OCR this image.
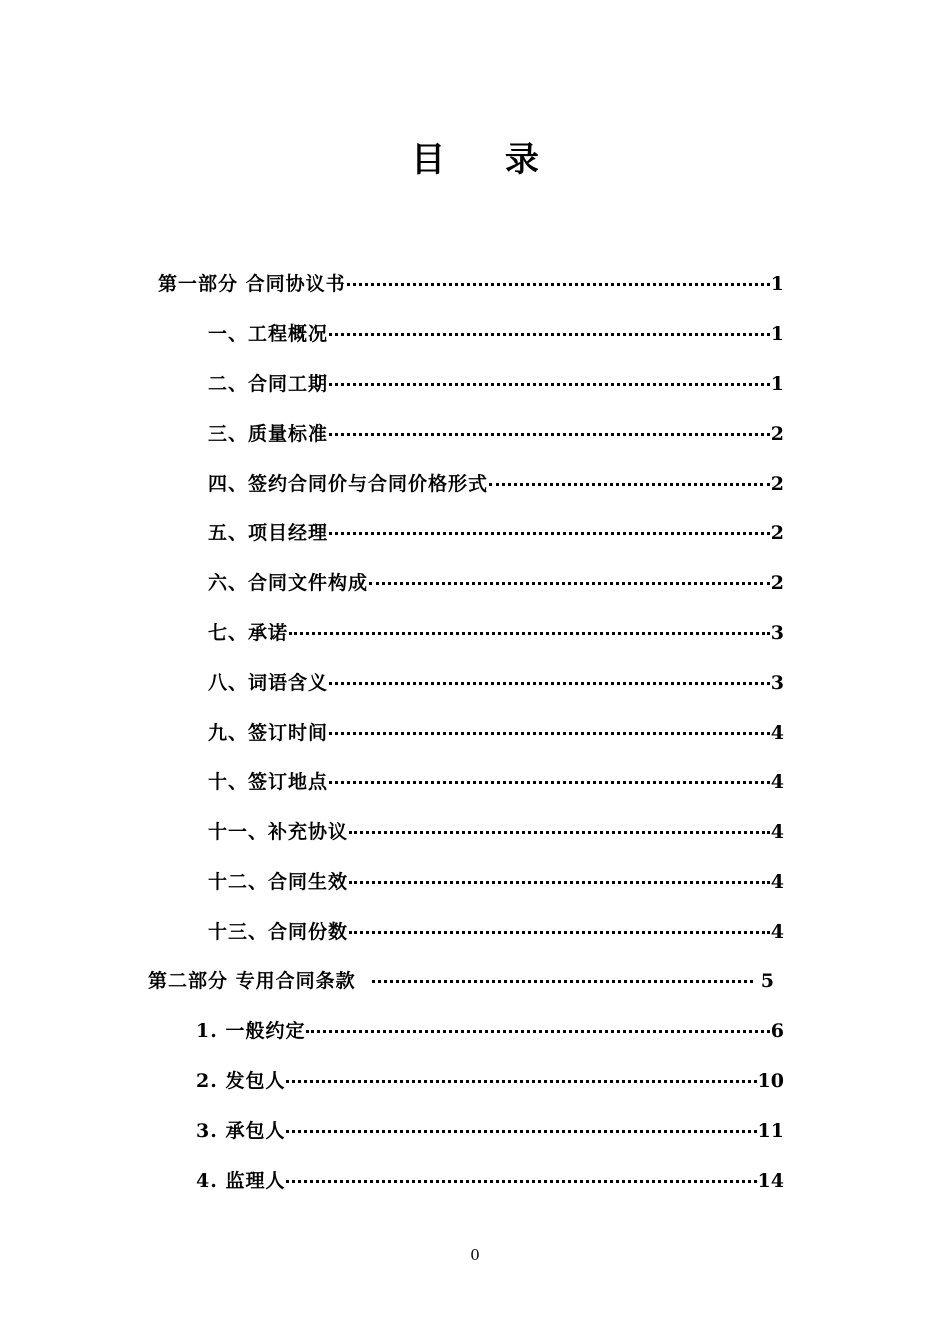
目 录
第一部分 合同协议书	1
一、工程概况	1
二、合同工期	1
三、质量标准	2
四、签约合同价与合同价格形式	2
五、项目经理	2
六、合同文件构成	2
七、承诺	3
八、词语含义	3
九、签订时间	4
十、签订地点	4
十一、补充协议	4
十二、合同生效	4
十三、合同份数	4
第二部分 专用合同条款	5
1. 一般约定	6
2. 发包人	10
3. 承包人	11
4. 监理人	14
0
